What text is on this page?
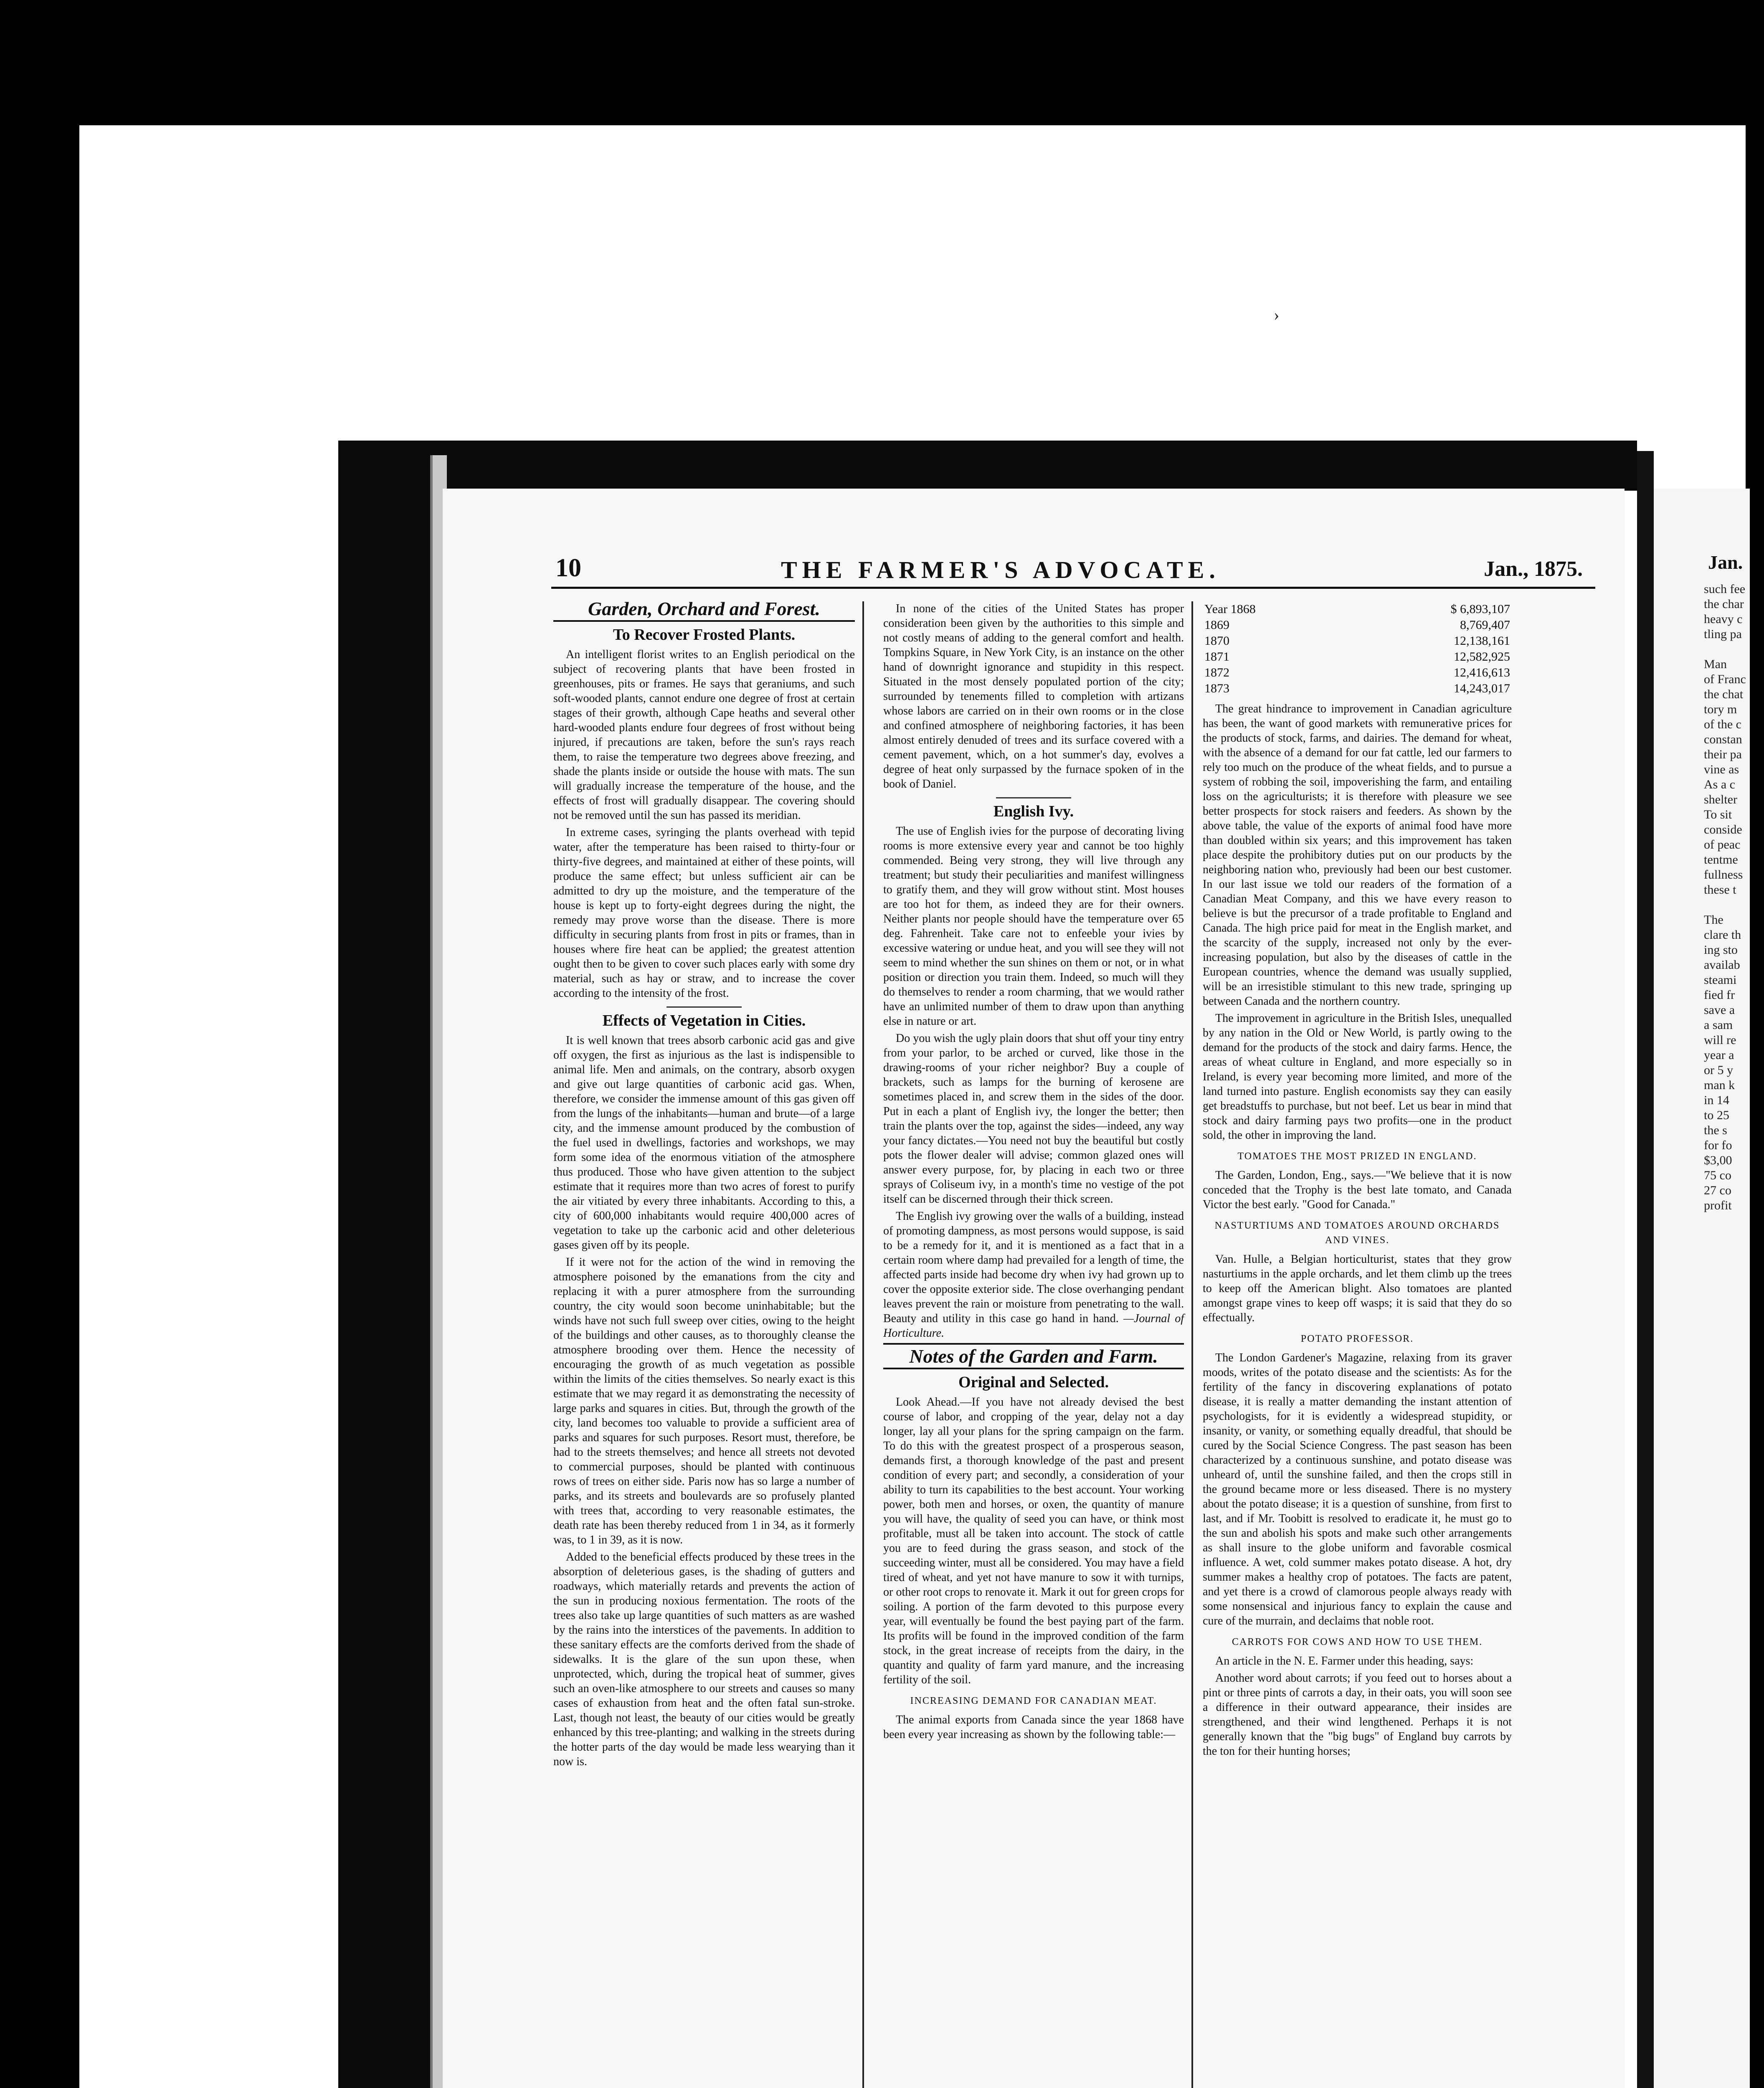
Jan.
such fee
the char
heavy c
tling pa

Man
of Franc
the chat
tory m
of the c
constan
their pa
vine as
As a c
shelter
To sit
conside
of peac
tentme
fullness
these t

The
clare th
ing sto
availab
steami
fied fr
save a
a sam
will re
year a
or 5 y
man k
in 14
to 25
the s
for fo
$3,00
75 co
27 co
profit
›
10	THE FARMER'S ADVOCATE.	Jan., 1875.
Garden, Orchard and Forest.
To Recover Frosted Plants.

An intelligent florist writes to an English periodical on the subject of recovering plants that have been frosted in greenhouses, pits or frames. He says that geraniums, and such soft-wooded plants, cannot endure one degree of frost at certain stages of their growth, although Cape heaths and several other hard-wooded plants endure four degrees of frost without being injured, if precautions are taken, before the sun's rays reach them, to raise the temperature two degrees above freezing, and shade the plants inside or outside the house with mats. The sun will gradually increase the temperature of the house, and the effects of frost will gradually disappear. The covering should not be removed until the sun has passed its meridian.

In extreme cases, syringing the plants overhead with tepid water, after the temperature has been raised to thirty-four or thirty-five degrees, and maintained at either of these points, will produce the same effect; but unless sufficient air can be admitted to dry up the moisture, and the temperature of the house is kept up to forty-eight degrees during the night, the remedy may prove worse than the disease. There is more difficulty in securing plants from frost in pits or frames, than in houses where fire heat can be applied; the greatest attention ought then to be given to cover such places early with some dry material, such as hay or straw, and to increase the cover according to the intensity of the frost.

Effects of Vegetation in Cities.

It is well known that trees absorb carbonic acid gas and give off oxygen, the first as injurious as the last is indispensible to animal life. Men and animals, on the contrary, absorb oxygen and give out large quantities of carbonic acid gas. When, therefore, we consider the immense amount of this gas given off from the lungs of the inhabitants—human and brute—of a large city, and the immense amount produced by the combustion of the fuel used in dwellings, factories and workshops, we may form some idea of the enormous vitiation of the atmosphere thus produced. Those who have given attention to the subject estimate that it requires more than two acres of forest to purify the air vitiated by every three inhabitants. According to this, a city of 600,000 inhabitants would require 400,000 acres of vegetation to take up the carbonic acid and other deleterious gases given off by its people.

If it were not for the action of the wind in removing the atmosphere poisoned by the emanations from the city and replacing it with a purer atmosphere from the surrounding country, the city would soon become uninhabitable; but the winds have not such full sweep over cities, owing to the height of the buildings and other causes, as to thoroughly cleanse the atmosphere brooding over them. Hence the necessity of encouraging the growth of as much vegetation as possible within the limits of the cities themselves. So nearly exact is this estimate that we may regard it as demonstrating the necessity of large parks and squares in cities. But, through the growth of the city, land becomes too valuable to provide a sufficient area of parks and squares for such purposes. Resort must, therefore, be had to the streets themselves; and hence all streets not devoted to commercial purposes, should be planted with continuous rows of trees on either side. Paris now has so large a number of parks, and its streets and boulevards are so profusely planted with trees that, according to very reasonable estimates, the death rate has been thereby reduced from 1 in 34, as it formerly was, to 1 in 39, as it is now.

Added to the beneficial effects produced by these trees in the absorption of deleterious gases, is the shading of gutters and roadways, which materially retards and prevents the action of the sun in producing noxious fermentation. The roots of the trees also take up large quantities of such matters as are washed by the rains into the interstices of the pavements. In addition to these sanitary effects are the comforts derived from the shade of sidewalks. It is the glare of the sun upon these, when unprotected, which, during the tropical heat of summer, gives such an oven-like atmosphere to our streets and causes so many cases of exhaustion from heat and the often fatal sun-stroke. Last, though not least, the beauty of our cities would be greatly enhanced by this tree-planting; and walking in the streets during the hotter parts of the day would be made less wearying than it now is.

In none of the cities of the United States has proper consideration been given by the authorities to this simple and not costly means of adding to the general comfort and health. Tompkins Square, in New York City, is an instance on the other hand of downright ignorance and stupidity in this respect. Situated in the most densely populated portion of the city; surrounded by tenements filled to completion with artizans whose labors are carried on in their own rooms or in the close and confined atmosphere of neighboring factories, it has been almost entirely denuded of trees and its surface covered with a cement pavement, which, on a hot summer's day, evolves a degree of heat only surpassed by the furnace spoken of in the book of Daniel.

English Ivy.

The use of English ivies for the purpose of decorating living rooms is more extensive every year and cannot be too highly commended. Being very strong, they will live through any treatment; but study their peculiarities and manifest willingness to gratify them, and they will grow without stint. Most houses are too hot for them, as indeed they are for their owners. Neither plants nor people should have the temperature over 65 deg. Fahrenheit. Take care not to enfeeble your ivies by excessive watering or undue heat, and you will see they will not seem to mind whether the sun shines on them or not, or in what position or direction you train them. Indeed, so much will they do themselves to render a room charming, that we would rather have an unlimited number of them to draw upon than anything else in nature or art.

Do you wish the ugly plain doors that shut off your tiny entry from your parlor, to be arched or curved, like those in the drawing-rooms of your richer neighbor? Buy a couple of brackets, such as lamps for the burning of kerosene are sometimes placed in, and screw them in the sides of the door. Put in each a plant of English ivy, the longer the better; then train the plants over the top, against the sides—indeed, any way your fancy dictates.—You need not buy the beautiful but costly pots the flower dealer will advise; common glazed ones will answer every purpose, for, by placing in each two or three sprays of Coliseum ivy, in a month's time no vestige of the pot itself can be discerned through their thick screen.

The English ivy growing over the walls of a building, instead of promoting dampness, as most persons would suppose, is said to be a remedy for it, and it is mentioned as a fact that in a certain room where damp had prevailed for a length of time, the affected parts inside had become dry when ivy had grown up to cover the opposite exterior side. The close overhanging pendant leaves prevent the rain or moisture from penetrating to the wall. Beauty and utility in this case go hand in hand. —Journal of Horticulture.

Notes of the Garden and Farm.
Original and Selected.

Look Ahead.—If you have not already devised the best course of labor, and cropping of the year, delay not a day longer, lay all your plans for the spring campaign on the farm. To do this with the greatest prospect of a prosperous season, demands first, a thorough knowledge of the past and present condition of every part; and secondly, a consideration of your ability to turn its capabilities to the best account. Your working power, both men and horses, or oxen, the quantity of manure you will have, the quality of seed you can have, or think most profitable, must all be taken into account. The stock of cattle you are to feed during the grass season, and stock of the succeeding winter, must all be considered. You may have a field tired of wheat, and yet not have manure to sow it with turnips, or other root crops to renovate it. Mark it out for green crops for soiling. A portion of the farm devoted to this purpose every year, will eventually be found the best paying part of the farm. Its profits will be found in the improved condition of the farm stock, in the great increase of receipts from the dairy, in the quantity and quality of farm yard manure, and the increasing fertility of the soil.

INCREASING DEMAND FOR CANADIAN MEAT.

The animal exports from Canada since the year 1868 have been every year increasing as shown by the following table:—

Year 1868	$ 6,893,107
1869	8,769,407
1870	12,138,161
1871	12,582,925
1872	12,416,613
1873	14,243,017

The great hindrance to improvement in Canadian agriculture has been, the want of good markets with remunerative prices for the products of stock, farms, and dairies. The demand for wheat, with the absence of a demand for our fat cattle, led our farmers to rely too much on the produce of the wheat fields, and to pursue a system of robbing the soil, impoverishing the farm, and entailing loss on the agriculturists; it is therefore with pleasure we see better prospects for stock raisers and feeders. As shown by the above table, the value of the exports of animal food have more than doubled within six years; and this improvement has taken place despite the prohibitory duties put on our products by the neighboring nation who, previously had been our best customer. In our last issue we told our readers of the formation of a Canadian Meat Company, and this we have every reason to believe is but the precursor of a trade profitable to England and Canada. The high price paid for meat in the English market, and the scarcity of the supply, increased not only by the ever-increasing population, but also by the diseases of cattle in the European countries, whence the demand was usually supplied, will be an irresistible stimulant to this new trade, springing up between Canada and the northern country.

The improvement in agriculture in the British Isles, unequalled by any nation in the Old or New World, is partly owing to the demand for the products of the stock and dairy farms. Hence, the areas of wheat culture in England, and more especially so in Ireland, is every year becoming more limited, and more of the land turned into pasture. English economists say they can easily get breadstuffs to purchase, but not beef. Let us bear in mind that stock and dairy farming pays two profits—one in the product sold, the other in improving the land.

TOMATOES THE MOST PRIZED IN ENGLAND.

The Garden, London, Eng., says.—"We believe that it is now conceded that the Trophy is the best late tomato, and Canada Victor the best early. "Good for Canada."

NASTURTIUMS AND TOMATOES AROUND ORCHARDS AND VINES.

Van. Hulle, a Belgian horticulturist, states that they grow nasturtiums in the apple orchards, and let them climb up the trees to keep off the American blight. Also tomatoes are planted amongst grape vines to keep off wasps; it is said that they do so effectually.

POTATO PROFESSOR.

The London Gardener's Magazine, relaxing from its graver moods, writes of the potato disease and the scientists: As for the fertility of the fancy in discovering explanations of potato disease, it is really a matter demanding the instant attention of psychologists, for it is evidently a widespread stupidity, or insanity, or vanity, or something equally dreadful, that should be cured by the Social Science Congress. The past season has been characterized by a continuous sunshine, and potato disease was unheard of, until the sunshine failed, and then the crops still in the ground became more or less diseased. There is no mystery about the potato disease; it is a question of sunshine, from first to last, and if Mr. Toobitt is resolved to eradicate it, he must go to the sun and abolish his spots and make such other arrangements as shall insure to the globe uniform and favorable cosmical influence. A wet, cold summer makes potato disease. A hot, dry summer makes a healthy crop of potatoes. The facts are patent, and yet there is a crowd of clamorous people always ready with some nonsensical and injurious fancy to explain the cause and cure of the murrain, and declaims that noble root.

CARROTS FOR COWS AND HOW TO USE THEM.

An article in the N. E. Farmer under this heading, says:

Another word about carrots; if you feed out to horses about a pint or three pints of carrots a day, in their oats, you will soon see a difference in their outward appearance, their insides are strengthened, and their wind lengthened. Perhaps it is not generally known that the "big bugs" of England buy carrots by the ton for their hunting horses;
